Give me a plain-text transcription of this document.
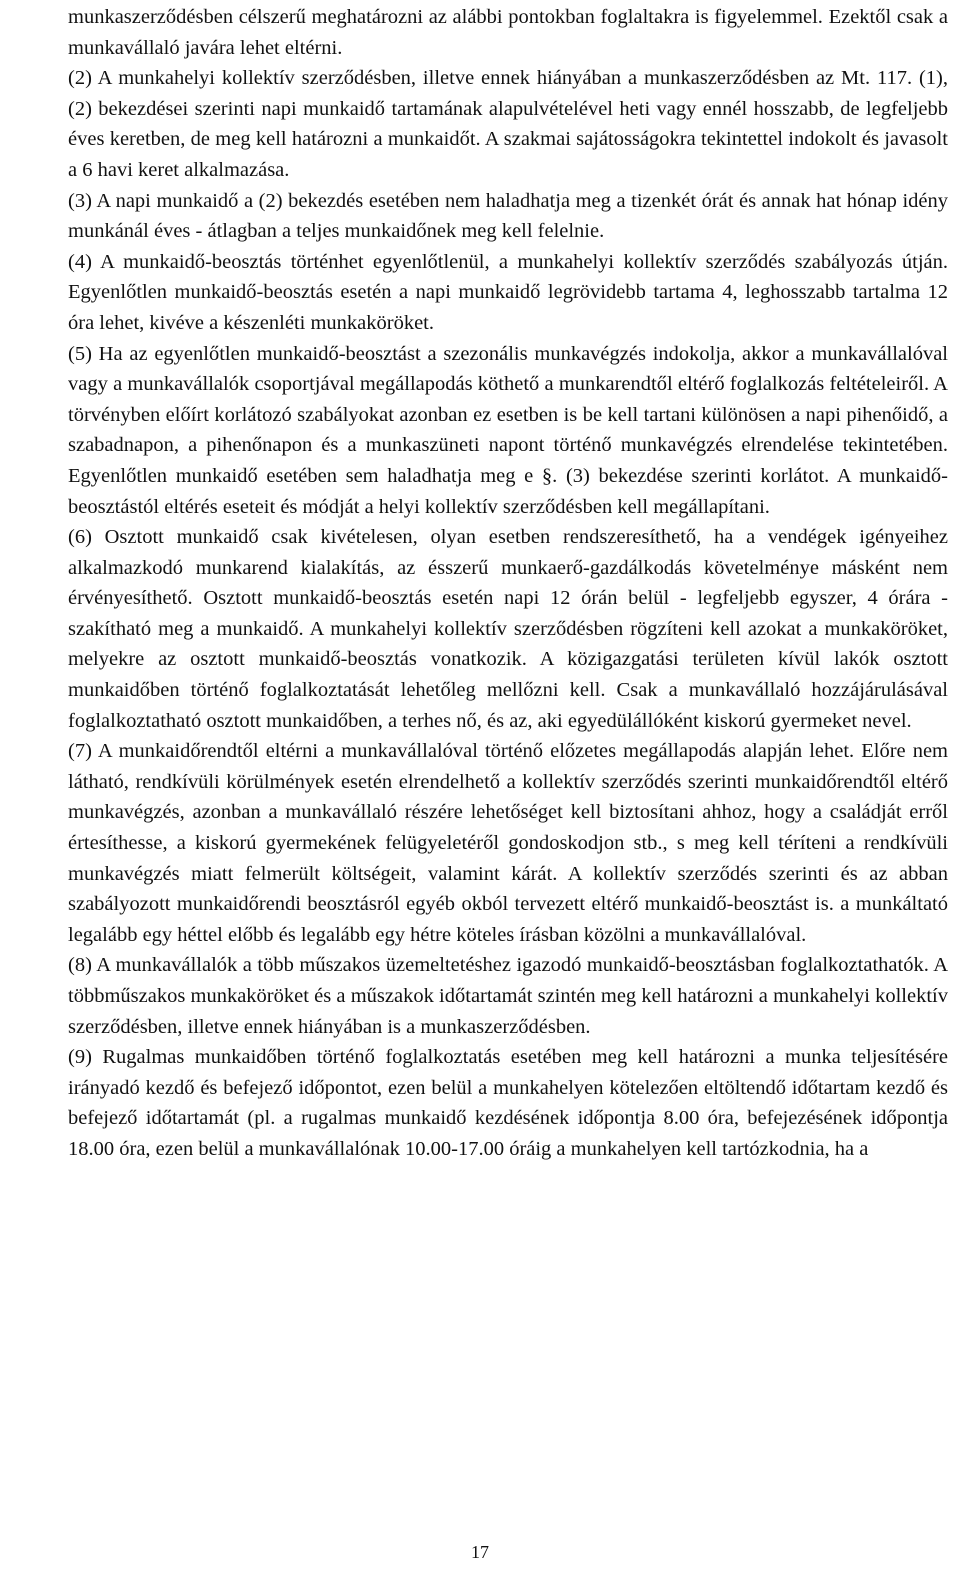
munkaszerződésben célszerű meghatározni az alábbi pontokban foglaltakra is figyelemmel. Ezektől csak a munkavállaló javára lehet eltérni.

(2) A munkahelyi kollektív szerződésben, illetve ennek hiányában a munkaszerződésben az Mt. 117. (1), (2) bekezdései szerinti napi munkaidő tartamának alapulvételével heti vagy ennél hosszabb, de legfeljebb éves keretben, de meg kell határozni a munkaidőt. A szakmai sajátosságokra tekintettel indokolt és javasolt a 6 havi keret alkalmazása.

(3) A napi munkaidő a (2) bekezdés esetében nem haladhatja meg a tizenkét órát és annak hat hónap idény munkánál éves - átlagban a teljes munkaidőnek meg kell felelnie.

(4) A munkaidő-beosztás történhet egyenlőtlenül, a munkahelyi kollektív szerződés szabályozás útján. Egyenlőtlen munkaidő-beosztás esetén a napi munkaidő legrövidebb tartama 4, leghosszabb tartalma 12 óra lehet, kivéve a készenléti munkaköröket.

(5) Ha az egyenlőtlen munkaidő-beosztást a szezonális munkavégzés indokolja, akkor a munkavállalóval vagy a munkavállalók csoportjával megállapodás köthető a munkarendtől eltérő foglalkozás feltételeiről. A törvényben előírt korlátozó szabályokat azonban ez esetben is be kell tartani különösen a napi pihenőidő, a szabadnapon, a pihenőnapon és a munkaszüneti napont történő munkavégzés elrendelése tekintetében. Egyenlőtlen munkaidő esetében sem haladhatja meg e §. (3) bekezdése szerinti korlátot. A munkaidő-beosztástól eltérés eseteit és módját a helyi kollektív szerződésben kell megállapítani.

(6) Osztott munkaidő csak kivételesen, olyan esetben rendszeresíthető, ha a vendégek igényeihez alkalmazkodó munkarend kialakítás, az ésszerű munkaerő-gazdálkodás követelménye másként nem érvényesíthető. Osztott munkaidő-beosztás esetén napi 12 órán belül - legfeljebb egyszer, 4 órára - szakítható meg a munkaidő. A munkahelyi kollektív szerződésben rögzíteni kell azokat a munkaköröket, melyekre az osztott munkaidő-beosztás vonatkozik. A közigazgatási területen kívül lakók osztott munkaidőben történő foglalkoztatását lehetőleg mellőzni kell. Csak a munkavállaló hozzájárulásával foglalkoztatható osztott munkaidőben, a terhes nő, és az, aki egyedülállóként kiskorú gyermeket nevel.

(7) A munkaidőrendtől eltérni a munkavállalóval történő előzetes megállapodás alapján lehet. Előre nem látható, rendkívüli körülmények esetén elrendelhető a kollektív szerződés szerinti munkaidőrendtől eltérő munkavégzés, azonban a munkavállaló részére lehetőséget kell biztosítani ahhoz, hogy a családját erről értesíthesse, a kiskorú gyermekének felügyeletéről gondoskodjon stb., s meg kell téríteni a rendkívüli munkavégzés miatt felmerült költségeit, valamint kárát. A kollektív szerződés szerinti és az abban szabályozott munkaidőrendi beosztásról egyéb okból tervezett eltérő munkaidő-beosztást is. a munkáltató legalább egy héttel előbb és legalább egy hétre köteles írásban közölni a munkavállalóval.

(8) A munkavállalók a több műszakos üzemeltetéshez igazodó munkaidő-beosztásban foglalkoztathatók. A többműszakos munkaköröket és a műszakok időtartamát szintén meg kell határozni a munkahelyi kollektív szerződésben, illetve ennek hiányában is a munkaszerződésben.

(9) Rugalmas munkaidőben történő foglalkoztatás esetében meg kell határozni a munka teljesítésére irányadó kezdő és befejező időpontot, ezen belül a munkahelyen kötelezően eltöltendő időtartam kezdő és befejező időtartamát (pl. a rugalmas munkaidő kezdésének időpontja 8.00 óra, befejezésének időpontja 18.00 óra, ezen belül a munkavállalónak 10.00-17.00 óráig a munkahelyen kell tartózkodnia, ha a

17
